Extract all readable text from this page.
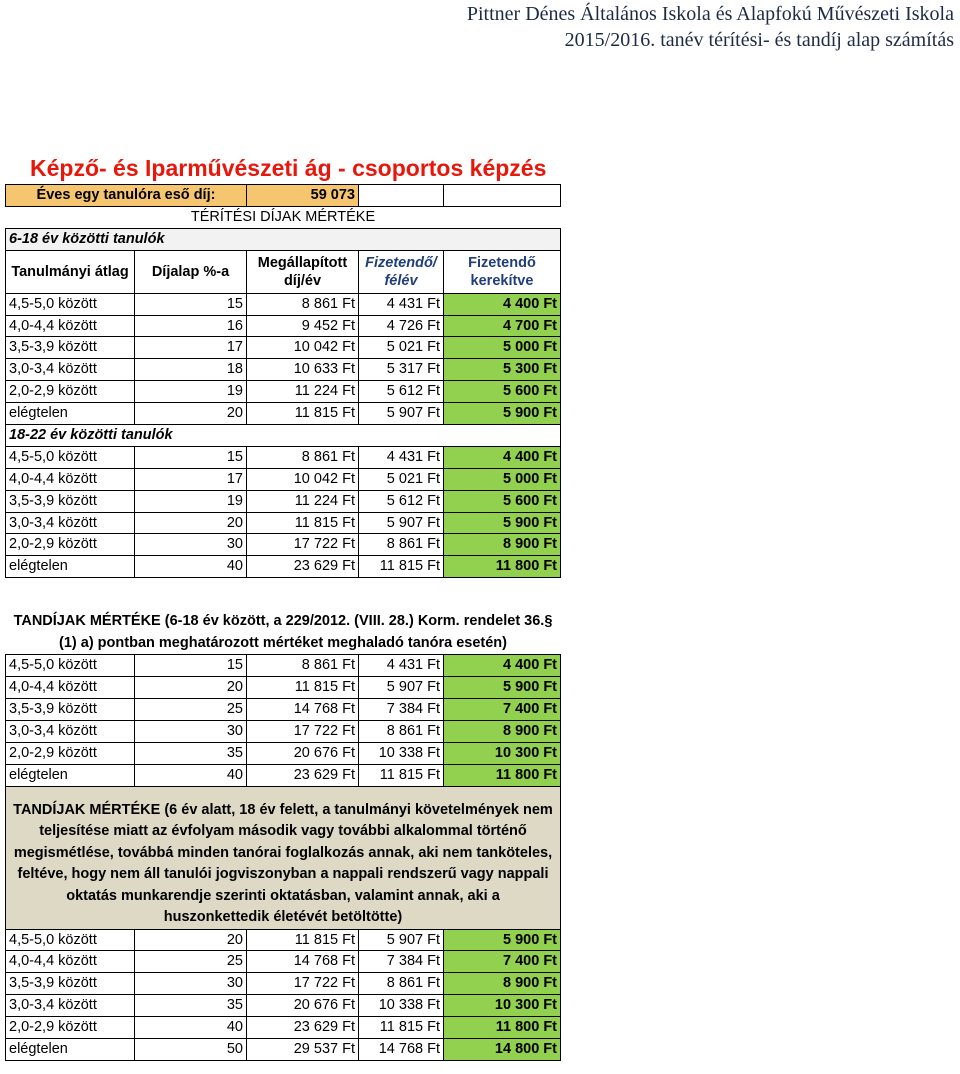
Pittner Dénes Általános Iskola és Alapfokú Művészeti Iskola
2015/2016. tanév térítési- és tandíj alap számítás
Képző- és Iparművészeti ág - csoportos képzés
Éves egy tanulóra eső díj:		59 073		
TÉRÍTÉSI DÍJAK MÉRTÉKE				
6-18 év közötti tanulók				
Tanulmányi átlag	Díjalap %-a	Megállapított díj/év	Fizetendő/ félév	Fizetendő kerekítve
4,5-5,0 között	15	8 861 Ft	4 431 Ft	4 400 Ft
4,0-4,4 között	16	9 452 Ft	4 726 Ft	4 700 Ft
3,5-3,9 között	17	10 042 Ft	5 021 Ft	5 000 Ft
3,0-3,4 között	18	10 633 Ft	5 317 Ft	5 300 Ft
2,0-2,9 között	19	11 224 Ft	5 612 Ft	5 600 Ft
elégtelen	20	11 815 Ft	5 907 Ft	5 900 Ft
18-22 év közötti tanulók				
4,5-5,0 között	15	8 861 Ft	4 431 Ft	4 400 Ft
4,0-4,4 között	17	10 042 Ft	5 021 Ft	5 000 Ft
3,5-3,9 között	19	11 224 Ft	5 612 Ft	5 600 Ft
3,0-3,4 között	20	11 815 Ft	5 907 Ft	5 900 Ft
2,0-2,9 között	30	17 722 Ft	8 861 Ft	8 900 Ft
elégtelen	40	23 629 Ft	11 815 Ft	11 800 Ft
TANDÍJAK MÉRTÉKE (6-18 év között, a 229/2012. (VIII. 28.) Korm. rendelet 36.§ (1) a) pontban meghatározott mértéket meghaladó tanóra esetén)				
4,5-5,0 között	15	8 861 Ft	4 431 Ft	4 400 Ft
4,0-4,4 között	20	11 815 Ft	5 907 Ft	5 900 Ft
3,5-3,9 között	25	14 768 Ft	7 384 Ft	7 400 Ft
3,0-3,4 között	30	17 722 Ft	8 861 Ft	8 900 Ft
2,0-2,9 között	35	20 676 Ft	10 338 Ft	10 300 Ft
elégtelen	40	23 629 Ft	11 815 Ft	11 800 Ft
TANDÍJAK MÉRTÉKE (6 év alatt, 18 év felett, a tanulmányi követelmények nem teljesítése miatt az évfolyam második vagy további alkalommal történő megismétlése, továbbá minden tanórai foglalkozás annak, aki nem tanköteles, feltéve, hogy nem áll tanulói jogviszonyban a nappali rendszerű vagy nappali oktatás munkarendje szerinti oktatásban, valamint annak, aki a huszonkettedik életévét betöltötte)				
4,5-5,0 között	20	11 815 Ft	5 907 Ft	5 900 Ft
4,0-4,4 között	25	14 768 Ft	7 384 Ft	7 400 Ft
3,5-3,9 között	30	17 722 Ft	8 861 Ft	8 900 Ft
3,0-3,4 között	35	20 676 Ft	10 338 Ft	10 300 Ft
2,0-2,9 között	40	23 629 Ft	11 815 Ft	11 800 Ft
elégtelen	50	29 537 Ft	14 768 Ft	14 800 Ft
